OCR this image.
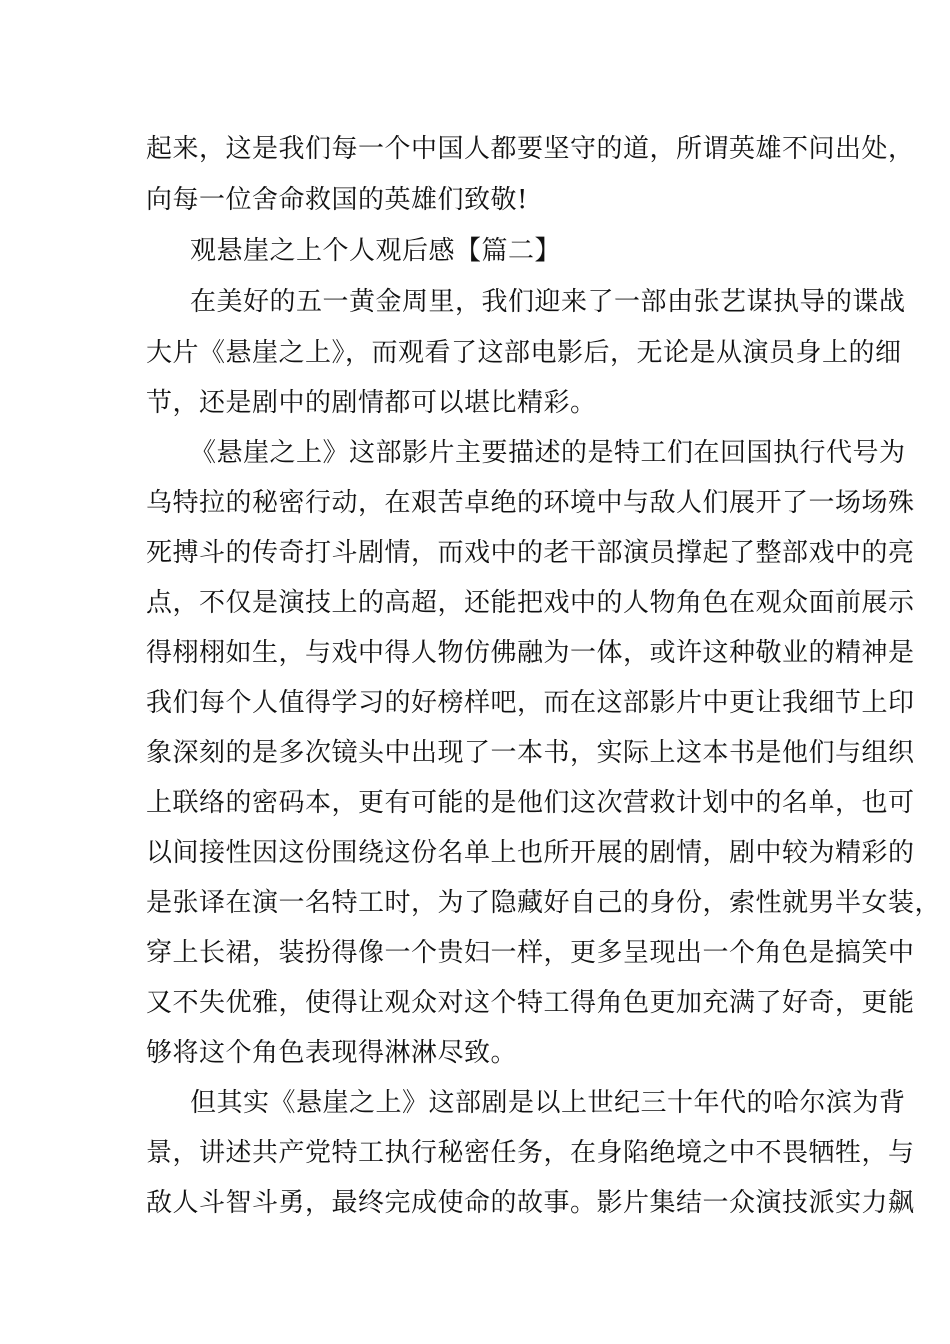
起来，这是我们每一个中国人都要坚守的道，所谓英雄不问出处，
向每一位舍命救国的英雄们致敬!
观悬崖之上个人观后感【篇二】
在美好的五一黄金周里，我们迎来了一部由张艺谋执导的谍战
大片《悬崖之上》，而观看了这部电影后，无论是从演员身上的细
节，还是剧中的剧情都可以堪比精彩。
《悬崖之上》这部影片主要描述的是特工们在回国执行代号为
乌特拉的秘密行动，在艰苦卓绝的环境中与敌人们展开了一场场殊
死搏斗的传奇打斗剧情，而戏中的老干部演员撑起了整部戏中的亮
点，不仅是演技上的高超，还能把戏中的人物角色在观众面前展示
得栩栩如生，与戏中得人物仿佛融为一体，或许这种敬业的精神是
我们每个人值得学习的好榜样吧，而在这部影片中更让我细节上印
象深刻的是多次镜头中出现了一本书，实际上这本书是他们与组织
上联络的密码本，更有可能的是他们这次营救计划中的名单，也可
以间接性因这份围绕这份名单上也所开展的剧情，剧中较为精彩的
是张译在演一名特工时，为了隐藏好自己的身份，索性就男半女装，
穿上长裙，装扮得像一个贵妇一样，更多呈现出一个角色是搞笑中
又不失优雅，使得让观众对这个特工得角色更加充满了好奇，更能
够将这个角色表现得淋淋尽致。
但其实《悬崖之上》这部剧是以上世纪三十年代的哈尔滨为背
景，讲述共产党特工执行秘密任务，在身陷绝境之中不畏牺牲，与
敌人斗智斗勇，最终完成使命的故事。影片集结一众演技派实力飙
